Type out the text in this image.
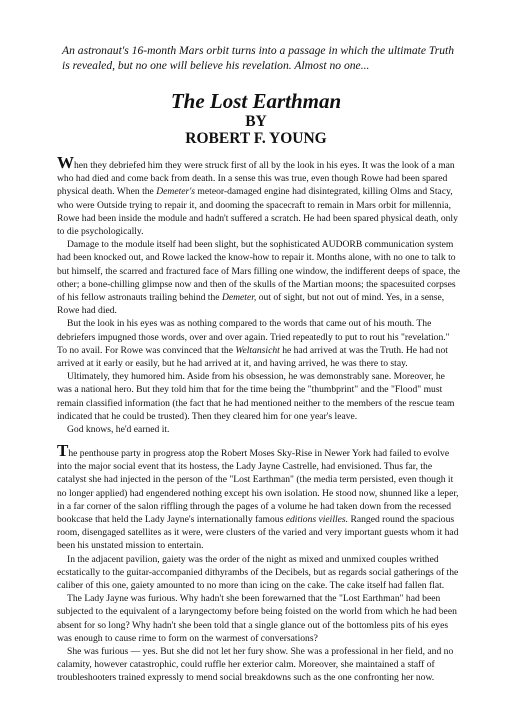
An astronaut's 16-month Mars orbit turns into a passage in which the ultimate Truth is revealed, but no one will believe his revelation. Almost no one...
The Lost Earthman
BY
ROBERT F. YOUNG

When they debriefed him they were struck first of all by the look in his eyes. It was the look of a man who had died and come back from death. In a sense this was true, even though Rowe had been spared physical death. When the Demeter's meteor-damaged engine had disintegrated, killing Olms and Stacy, who were Outside trying to repair it, and dooming the spacecraft to remain in Mars orbit for millennia, Rowe had been inside the module and hadn't suffered a scratch. He had been spared physical death, only to die psychologically.

Damage to the module itself had been slight, but the sophisticated AUDORB communication system had been knocked out, and Rowe lacked the know-how to repair it. Months alone, with no one to talk to but himself, the scarred and fractured face of Mars filling one window, the indifferent deeps of space, the other; a bone-chilling glimpse now and then of the skulls of the Martian moons; the spacesuited corpses of his fellow astronauts trailing behind the Demeter, out of sight, but not out of mind. Yes, in a sense, Rowe had died.

But the look in his eyes was as nothing compared to the words that came out of his mouth. The debriefers impugned those words, over and over again. Tried repeatedly to put to rout his "revelation." To no avail. For Rowe was convinced that the Weltansicht he had arrived at was the Truth. He had not arrived at it early or easily, but he had arrived at it, and having arrived, he was there to stay.

Ultimately, they humored him. Aside from his obsession, he was demonstrably sane. Moreover, he was a national hero. But they told him that for the time being the "thumbprint" and the "Flood" must remain classified information (the fact that he had mentioned neither to the members of the rescue team indicated that he could be trusted). Then they cleared him for one year's leave.

God knows, he'd earned it.

The penthouse party in progress atop the Robert Moses Sky-Rise in Newer York had failed to evolve into the major social event that its hostess, the Lady Jayne Castrelle, had envisioned. Thus far, the catalyst she had injected in the person of the "Lost Earthman" (the media term persisted, even though it no longer applied) had engendered nothing except his own isolation. He stood now, shunned like a leper, in a far corner of the salon riffling through the pages of a volume he had taken down from the recessed bookcase that held the Lady Jayne's internationally famous editions vieilles. Ranged round the spacious room, disengaged satellites as it were, were clusters of the varied and very important guests whom it had been his unstated mission to entertain.

In the adjacent pavilion, gaiety was the order of the night as mixed and unmixed couples writhed ecstatically to the guitar-accompanied dithyrambs of the Decibels, but as regards social gatherings of the caliber of this one, gaiety amounted to no more than icing on the cake. The cake itself had fallen flat.

The Lady Jayne was furious. Why hadn't she been forewarned that the "Lost Earthman" had been subjected to the equivalent of a laryngectomy before being foisted on the world from which he had been absent for so long? Why hadn't she been told that a single glance out of the bottomless pits of his eyes was enough to cause rime to form on the warmest of conversations?

She was furious — yes. But she did not let her fury show. She was a professional in her field, and no calamity, however catastrophic, could ruffle her exterior calm. Moreover, she maintained a staff of troubleshooters trained expressly to mend social breakdowns such as the one confronting her now.
